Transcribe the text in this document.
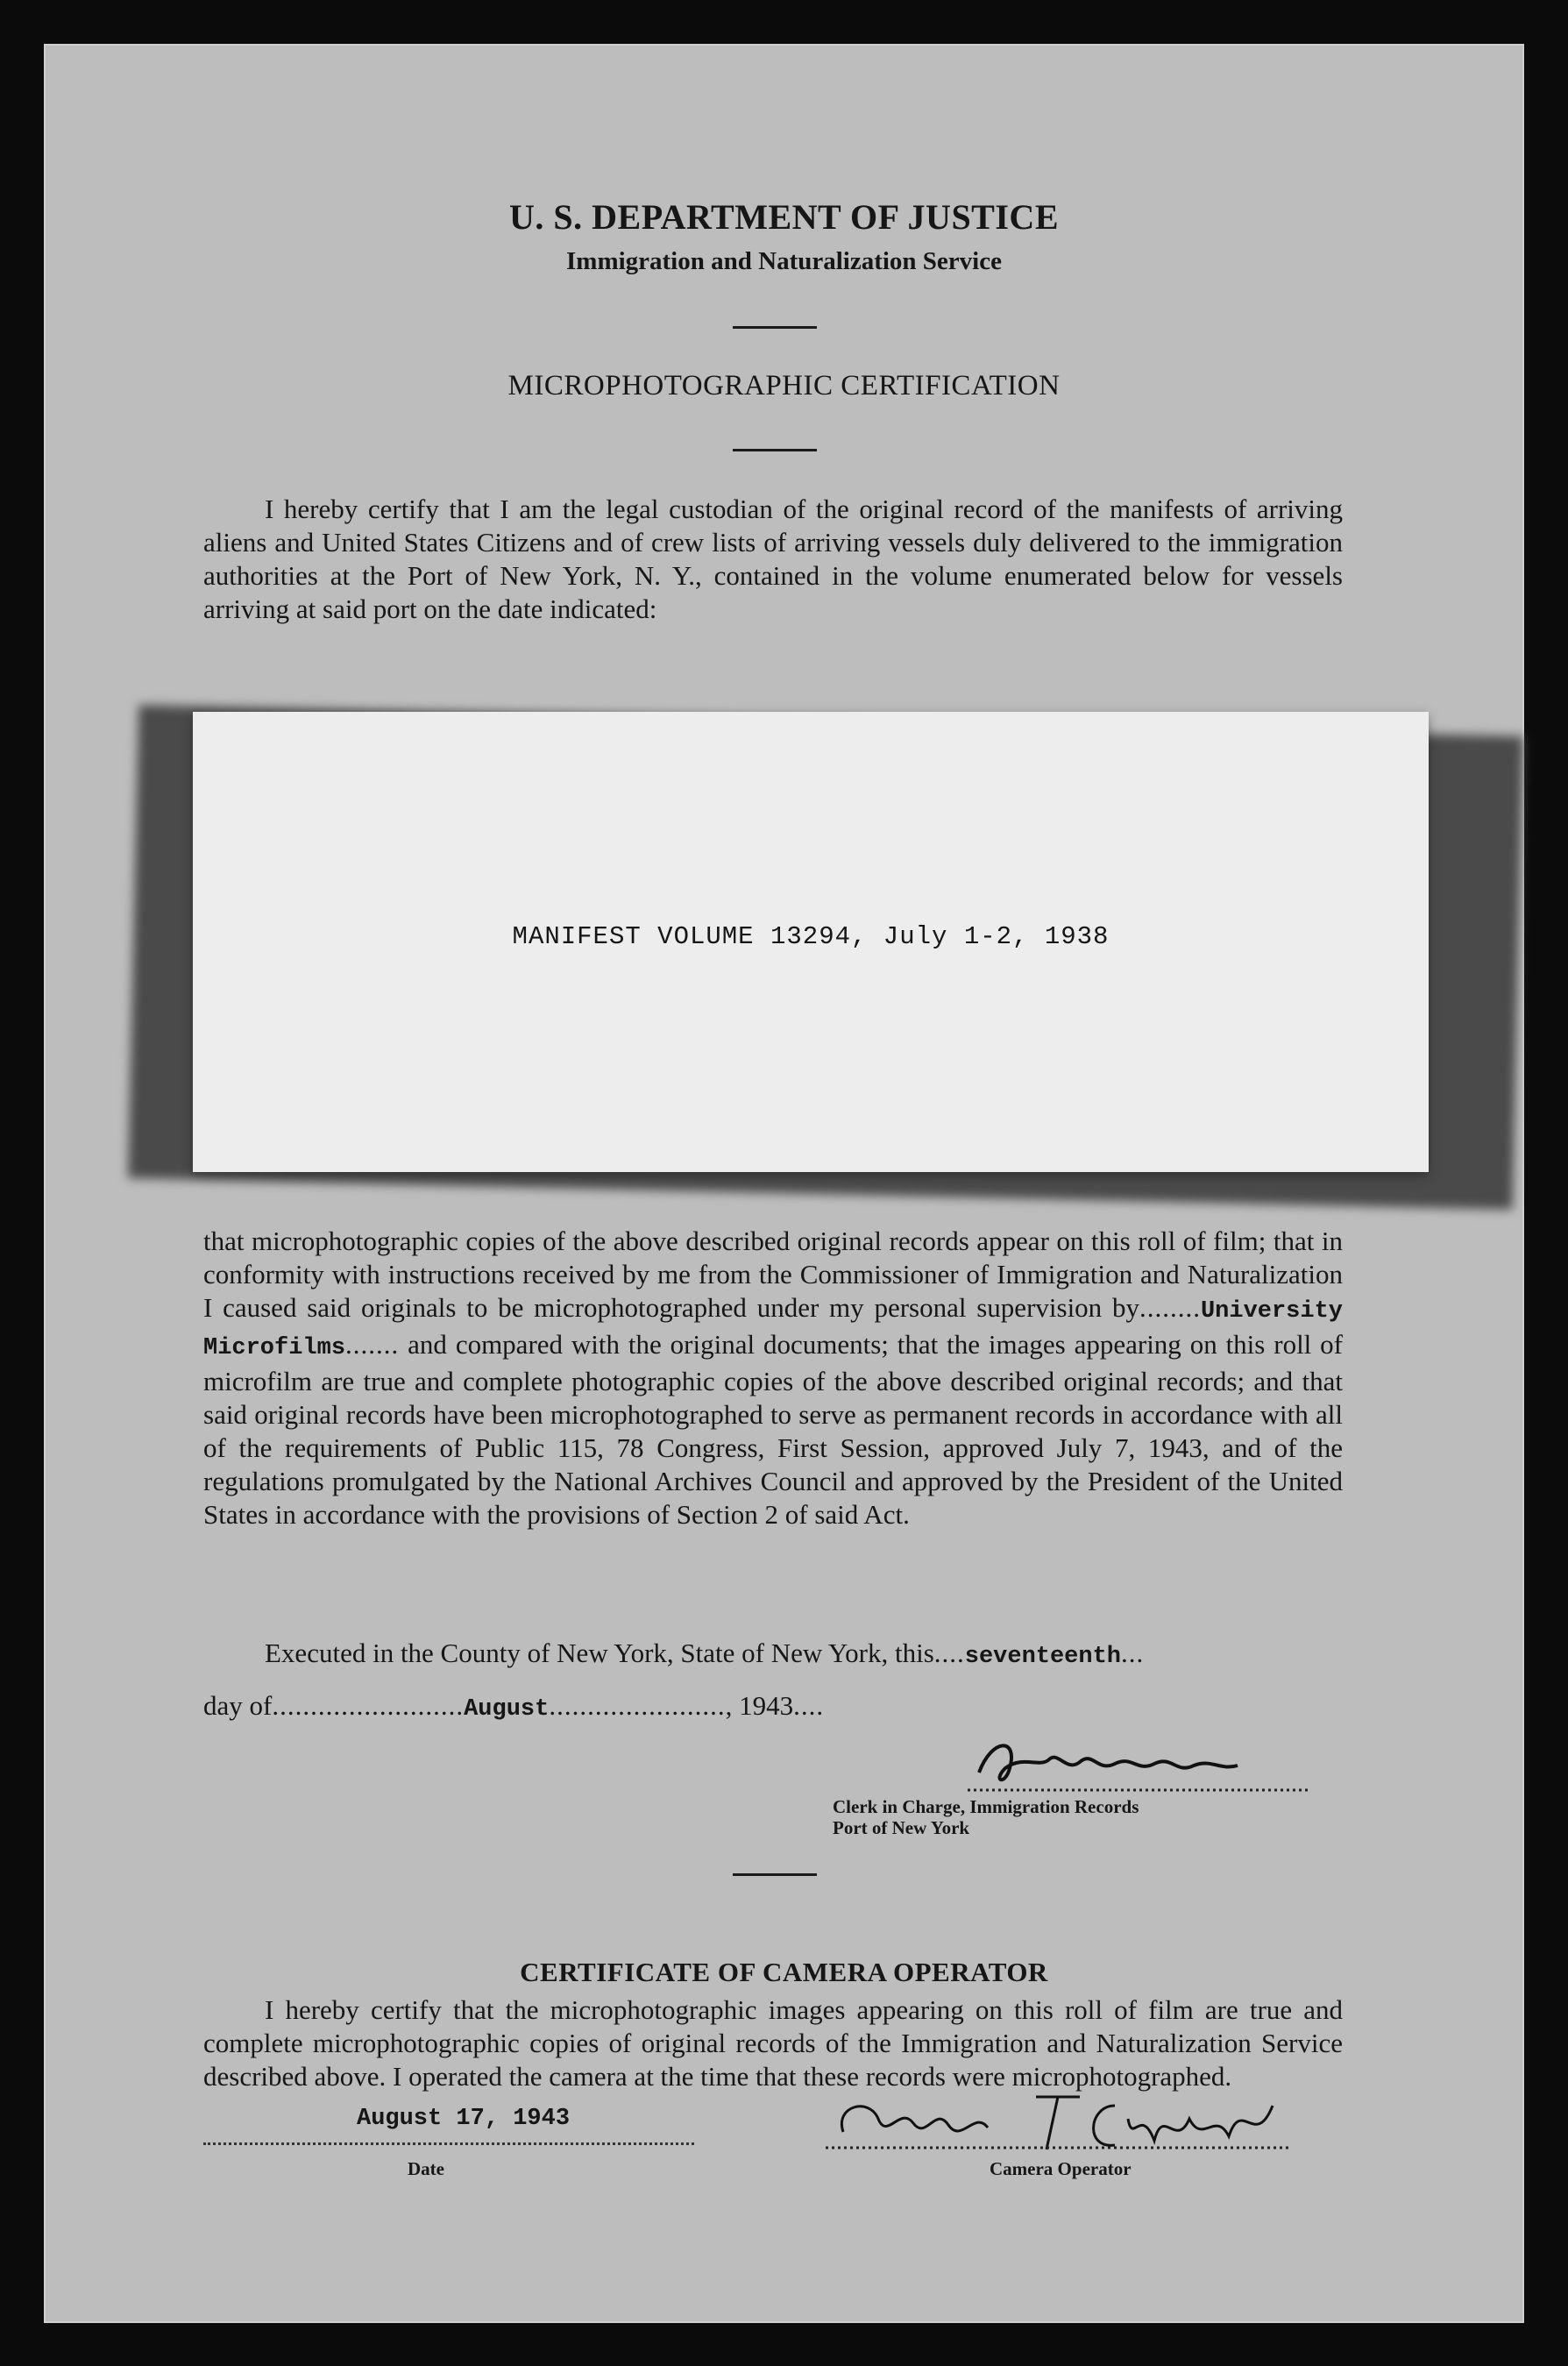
U. S. DEPARTMENT OF JUSTICE
Immigration and Naturalization Service
MICROPHOTOGRAPHIC CERTIFICATION

I hereby certify that I am the legal custodian of the original record of the manifests of arriving aliens and United States Citizens and of crew lists of arriving vessels duly delivered to the immigration authorities at the Port of New York, N. Y., contained in the volume enumerated below for vessels arriving at said port on the date indicated:

MANIFEST VOLUME 13294, July 1-2, 1938

that microphotographic copies of the above described original records appear on this roll of film; that in conformity with instructions received by me from the Commissioner of Immigration and Naturalization I caused said originals to be microphotographed under my personal supervision by........University Microfilms....... and compared with the original documents; that the images appearing on this roll of microfilm are true and complete photographic copies of the above described original records; and that said original records have been microphotographed to serve as permanent records in accordance with all of the requirements of Public 115, 78 Congress, First Session, approved July 7, 1943, and of the regulations promulgated by the National Archives Council and approved by the President of the United States in accordance with the provisions of Section 2 of said Act.

Executed in the County of New York, State of New York, this....seventeenth...

day of.........................August......................., 1943....

Clerk in Charge, Immigration Records
Port of New York
CERTIFICATE OF CAMERA OPERATOR

I hereby certify that the microphotographic images appearing on this roll of film are true and complete microphotographic copies of original records of the Immigration and Naturalization Service described above. I operated the camera at the time that these records were microphotographed.

August 17, 1943
Date	Camera Operator
